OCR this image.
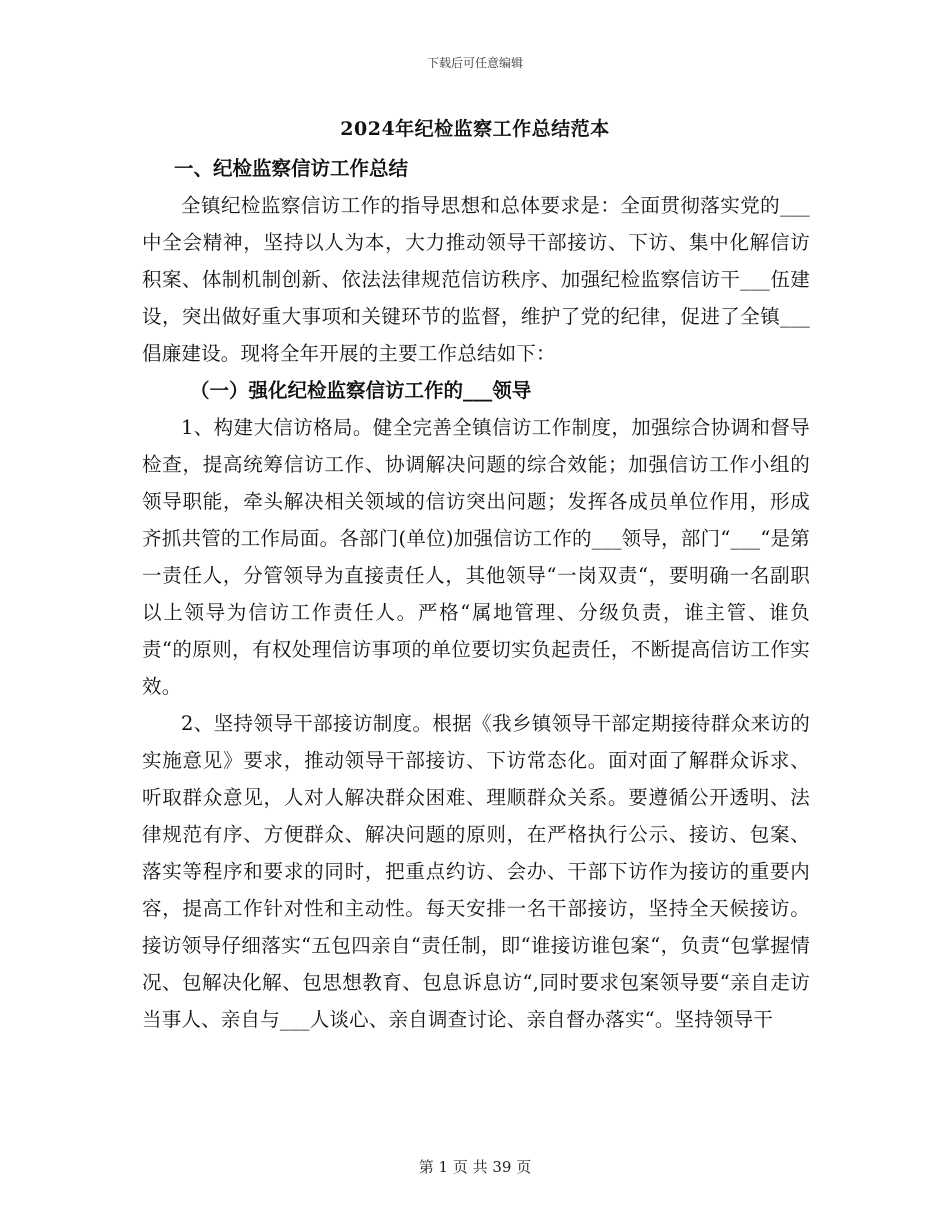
下载后可任意编辑
2024年纪检监察工作总结范本

一、纪检监察信访工作总结

全镇纪检监察信访工作的指导思想和总体要求是：全面贯彻落实党的___中全会精神，坚持以人为本，大力推动领导干部接访、下访、集中化解信访积案、体制机制创新、依法法律规范信访秩序、加强纪检监察信访干___伍建设，突出做好重大事项和关键环节的监督，维护了党的纪律，促进了全镇___倡廉建设。现将全年开展的主要工作总结如下：

（一）强化纪检监察信访工作的___领导

1、构建大信访格局。健全完善全镇信访工作制度，加强综合协调和督导检查，提高统筹信访工作、协调解决问题的综合效能；加强信访工作小组的领导职能，牵头解决相关领域的信访突出问题；发挥各成员单位作用，形成齐抓共管的工作局面。各部门(单位)加强信访工作的___领导，部门“___“是第一责任人，分管领导为直接责任人，其他领导“一岗双责“，要明确一名副职以上领导为信访工作责任人。严格“属地管理、分级负责，谁主管、谁负责“的原则，有权处理信访事项的单位要切实负起责任，不断提高信访工作实效。

2、坚持领导干部接访制度。根据《我乡镇领导干部定期接待群众来访的实施意见》要求，推动领导干部接访、下访常态化。面对面了解群众诉求、听取群众意见，人对人解决群众困难、理顺群众关系。要遵循公开透明、法律规范有序、方便群众、解决问题的原则，在严格执行公示、接访、包案、落实等程序和要求的同时，把重点约访、会办、干部下访作为接访的重要内容，提高工作针对性和主动性。每天安排一名干部接访，坚持全天候接访。接访领导仔细落实“五包四亲自“责任制，即“谁接访谁包案“，负责“包掌握情况、包解决化解、包思想教育、包息诉息访“,同时要求包案领导要“亲自走访当事人、亲自与___人谈心、亲自调查讨论、亲自督办落实“。坚持领导干

第 1 页 共 39 页
